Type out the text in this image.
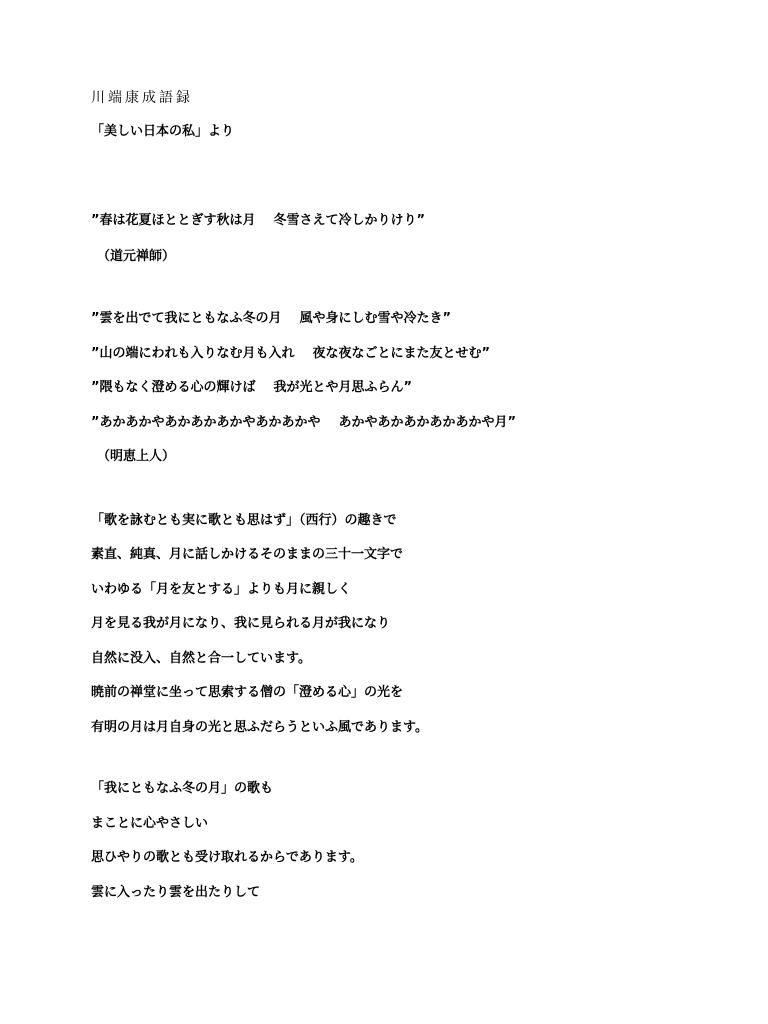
川端康成語録
「美しい日本の私」より
”春は花夏ほととぎす秋は月 冬雪さえて冷しかりけり”
（道元禅師）
”雲を出でて我にともなふ冬の月 風や身にしむ雪や冷たき”
”山の端にわれも入りなむ月も入れ 夜な夜なごとにまた友とせむ”
”隈もなく澄める心の輝けば 我が光とや月思ふらん”
”あかあかやあかあかあかやあかあかや あかやあかあかあかあかや月”
（明恵上人）
「歌を詠むとも実に歌とも思はず」（西行）の趣きで
素直、純真、月に話しかけるそのままの三十一文字で
いわゆる「月を友とする」よりも月に親しく
月を見る我が月になり、我に見られる月が我になり
自然に没入、自然と合一しています。
暁前の禅堂に坐って思索する僧の「澄める心」の光を
有明の月は月自身の光と思ふだらうといふ風であります。
「我にともなふ冬の月」の歌も
まことに心やさしい
思ひやりの歌とも受け取れるからであります。
雲に入ったり雲を出たりして
